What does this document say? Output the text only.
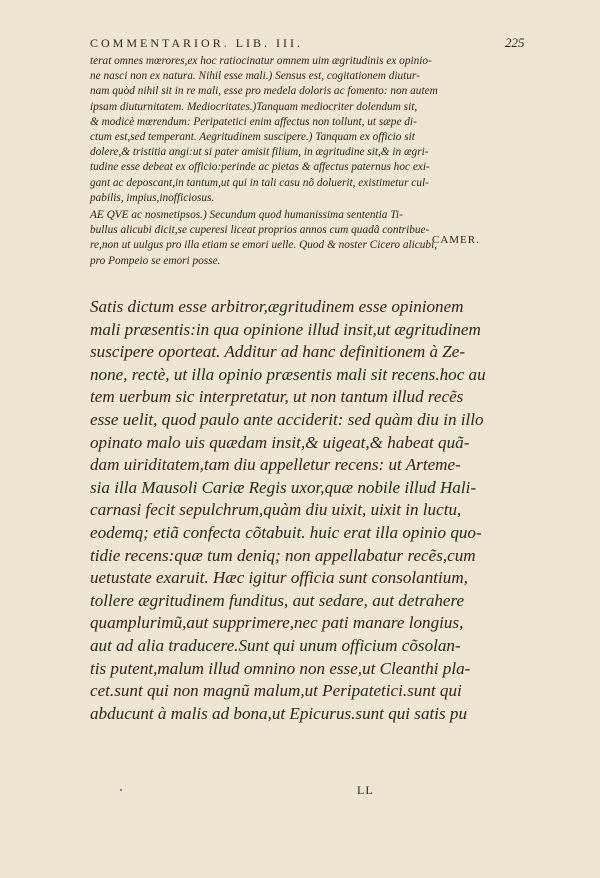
COMMENTARIOR. LIB. III.	225
terat omnes mœrores,ex hoc ratiocinatur omnem uim ægritudinis ex opinio-
ne nasci non ex natura. Nihil esse mali.) Sensus est, cogitationem diutur-
nam quòd nihil sit in re mali, esse pro medela doloris ac fomento: non autem
ipsam diuturnitatem. Mediocritates.)Tanquam mediocriter dolendum sit,
& modicè mœrendum: Peripatetici enim affectus non tollunt, ut sæpe di-
ctum est,sed temperant. Aegritudinem suscipere.) Tanquam ex officio sit
dolere,& tristitia angi:ut si pater amisit filium, in ægritudine sit,& in ægri-
tudine esse debeat ex officio:perinde ac pietas & affectus paternus hoc exi-
gant ac deposcant,in tantum,ut qui in tali casu nõ doluerit, existimetur cul-
pabilis, impius,inofficiosus.
AE QVE ac nosmetipsos.) Secundum quod humanissima sententia Ti-
bullus alicubi dicit,se cuperesi liceat proprios annos cum quadã contribue-
re,non ut uulgus pro illa etiam se emori uelle. Quod & noster Cicero alicubi,
pro Pompeio se emori posse.
CAMER.
Satis dictum esse arbitror,ægritudinem esse opinionem
mali præsentis:in qua opinione illud insit,ut ægritudinem
suscipere oporteat. Additur ad hanc definitionem à Ze-
none, rectè, ut illa opinio præsentis mali sit recens.hoc au
tem uerbum sic interpretatur, ut non tantum illud recẽs
esse uelit, quod paulo ante acciderit: sed quàm diu in illo
opinato malo uis quædam insit,& uigeat,& habeat quã-
dam uiriditatem,tam diu appelletur recens: ut Arteme-
sia illa Mausoli Cariæ Regis uxor,quæ nobile illud Hali-
carnasi fecit sepulchrum,quàm diu uixit, uixit in luctu,
eodemq; etiã confecta cõtabuit. huic erat illa opinio quo-
tidie recens:quæ tum deniq; non appellabatur recẽs,cum
uetustate exaruit. Hæc igitur officia sunt consolantium,
tollere ægritudinem funditus, aut sedare, aut detrahere
quamplurimũ,aut supprimere,nec pati manare longius,
aut ad alia traducere.Sunt qui unum officium cõsolan-
tis putent,malum illud omnino non esse,ut Cleanthi pla-
cet.sunt qui non magnũ malum,ut Peripatetici.sunt qui
abducunt à malis ad bona,ut Epicurus.sunt qui satis pu
LL
